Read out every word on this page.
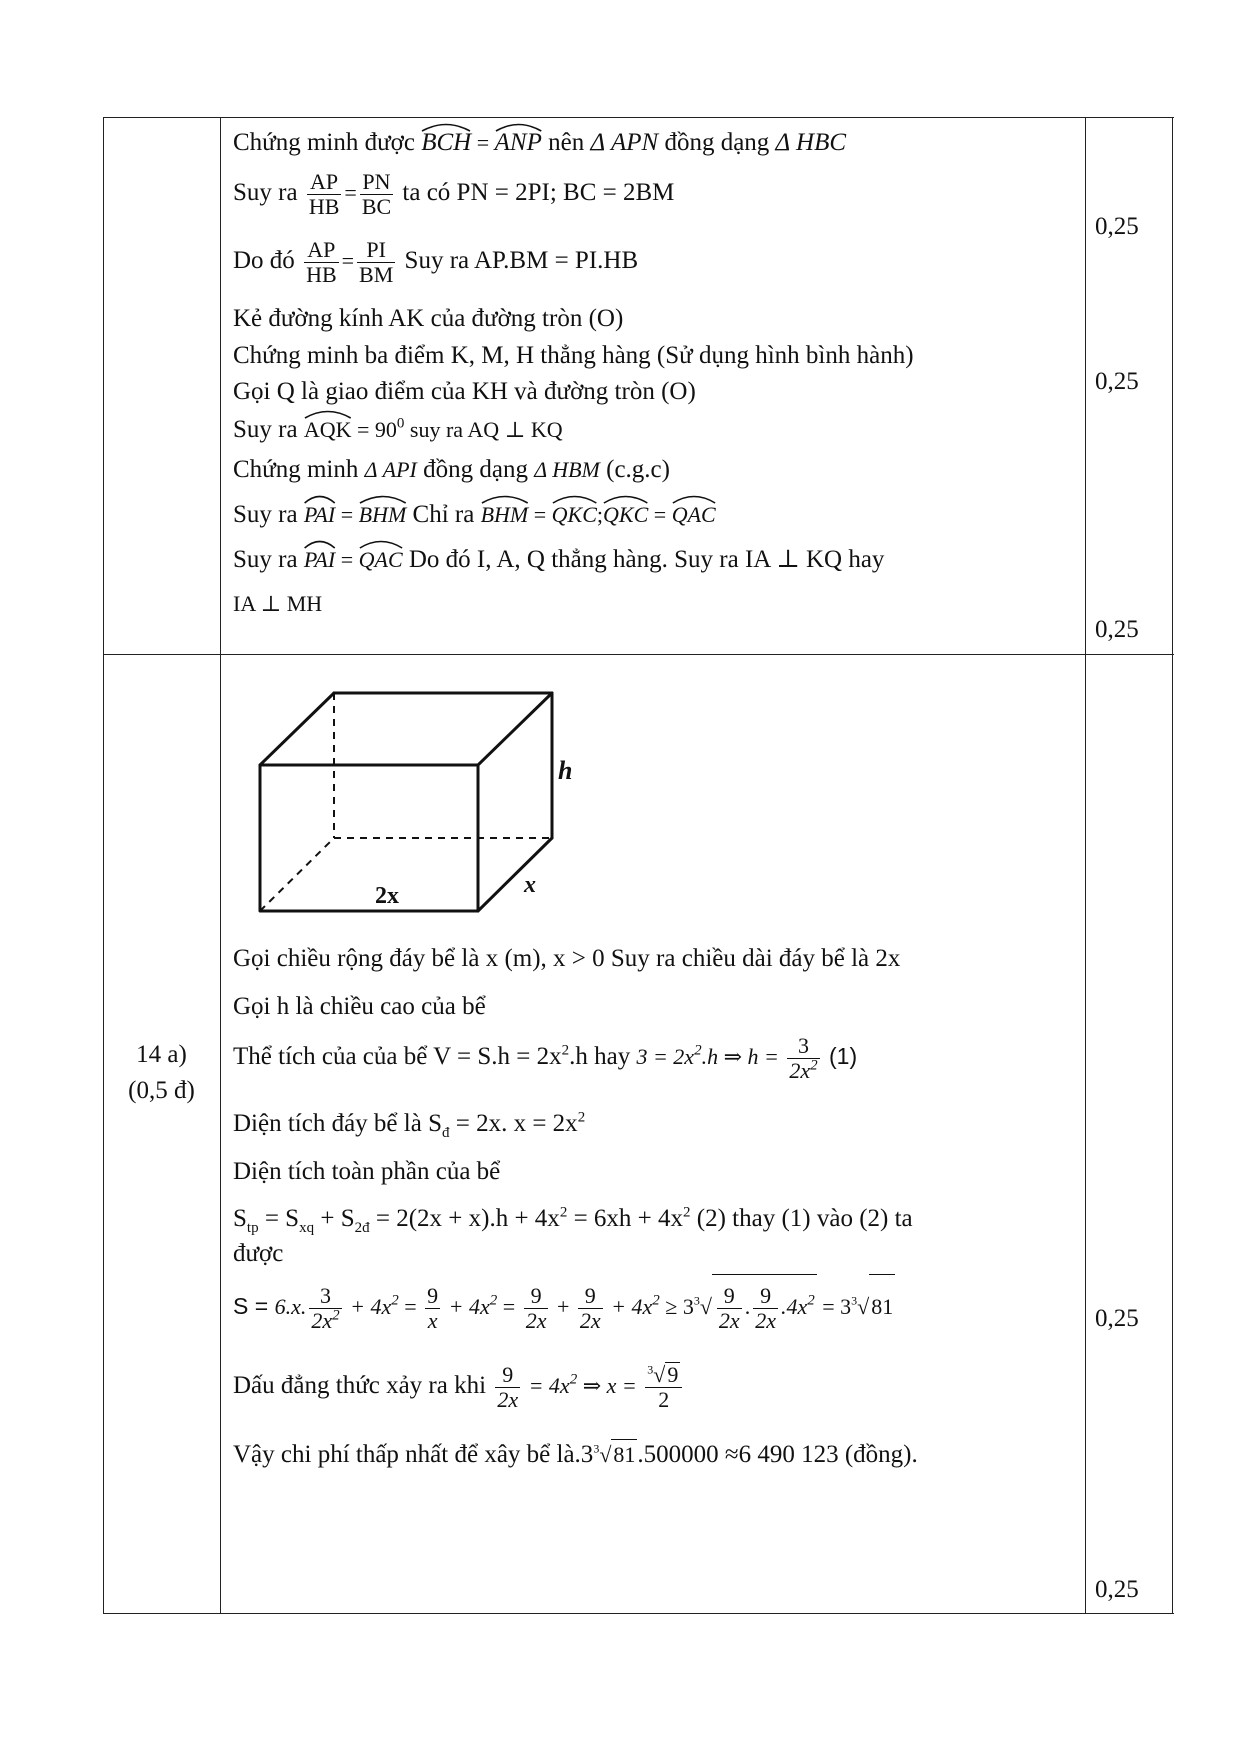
Chứng minh được
BCH =
ANP nên Δ APN đồng dạng Δ HBC
Suy ra $\frac{AP}{HB} = \frac{PN}{BC}$ ta có PN = 2PI; BC = 2BM
Do đó $\frac{AP}{HB} = \frac{PI}{BM}$ Suy ra AP.BM = PI.HB
Kẻ đường kính AK của đường tròn (O)
Chứng minh ba điểm K, M, H thẳng hàng (Sử dụng hình bình hành)
Gọi Q là giao điểm của KH và đường tròn (O)
Suy ra
AQK = $90^0$ suy ra AQ ⊥ KQ
Chứng minh Δ API đồng dạng Δ HBM (c.g.c)
Suy ra
PAI =
BHM Chỉ ra
BHM =
QKC;
QKC =
QAC
Suy ra
PAI =
QAC Do đó I, A, Q thẳng hàng. Suy ra IA ⊥ KQ hay
IA ⊥ MH
0,25
0,25
0,25
14 a)
(0,5 đ)
h
x
2x
Gọi chiều rộng đáy bể là x (m), x > 0 Suy ra chiều dài đáy bể là 2x
Gọi h là chiều cao của bể
Thể tích của của bể $V = S.h = 2x^2.h$ hay $3 = 2x^2.h$ ⇒ $h = \frac{3}{2x^2} (1)$
Diện tích đáy bể là $S_đ = 2x$. $x = 2x^2$
Diện tích toàn phần của bể
$S_{tp} = S_{xq} + S_{2đ} = 2(2x + x).h + 4x^2 = 6xh + 4x^2$ (2) thay (1) vào (2) ta
được
S = 6.x. $\frac{3}{2x^2} + 4x^2 = \frac{9}{x} + 4x^2 = \frac{9}{2x} + \frac{9}{2x} + 4x^2 \ge 3^3√ \frac{9}{2x}$ . $\frac{9}{2x} .4x^2 = 3^3√81$
Dấu đẳng thức xảy ra khi $\frac{9}{2x} = 4x^2$ ⇒ $x = \frac{^3√9}{2}$
Vậy chi phí thấp nhất để xây bể $là.3^3√81.500000 \approx 6$ 490 123 (đồng).
0,25
0,25
